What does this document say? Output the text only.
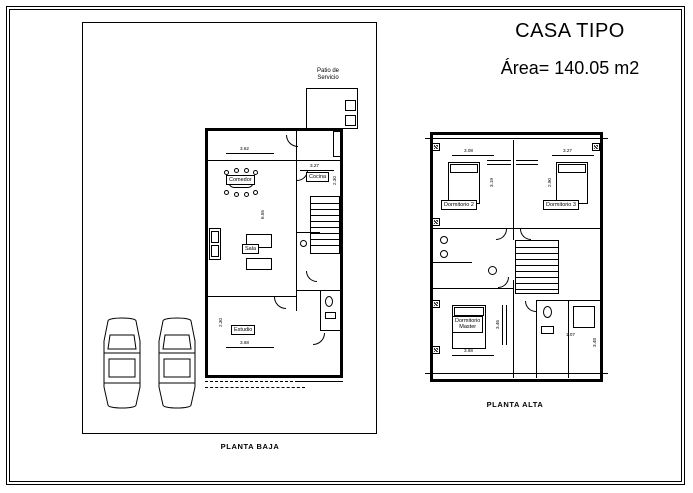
CASA TIPO
Área= 140.05 m2
Patio de
Servicio
Comedor	Cocina
Sala
Estudio
3.62
3.27
2.30
6.55
2.30
3.68
PLANTA BAJA
Dormitorio 2	Dormitorio 3
Dormitorio
Master
3.08	3.27
3.19	2.90
3.46
3.48
1.07
3.68
PLANTA ALTA
